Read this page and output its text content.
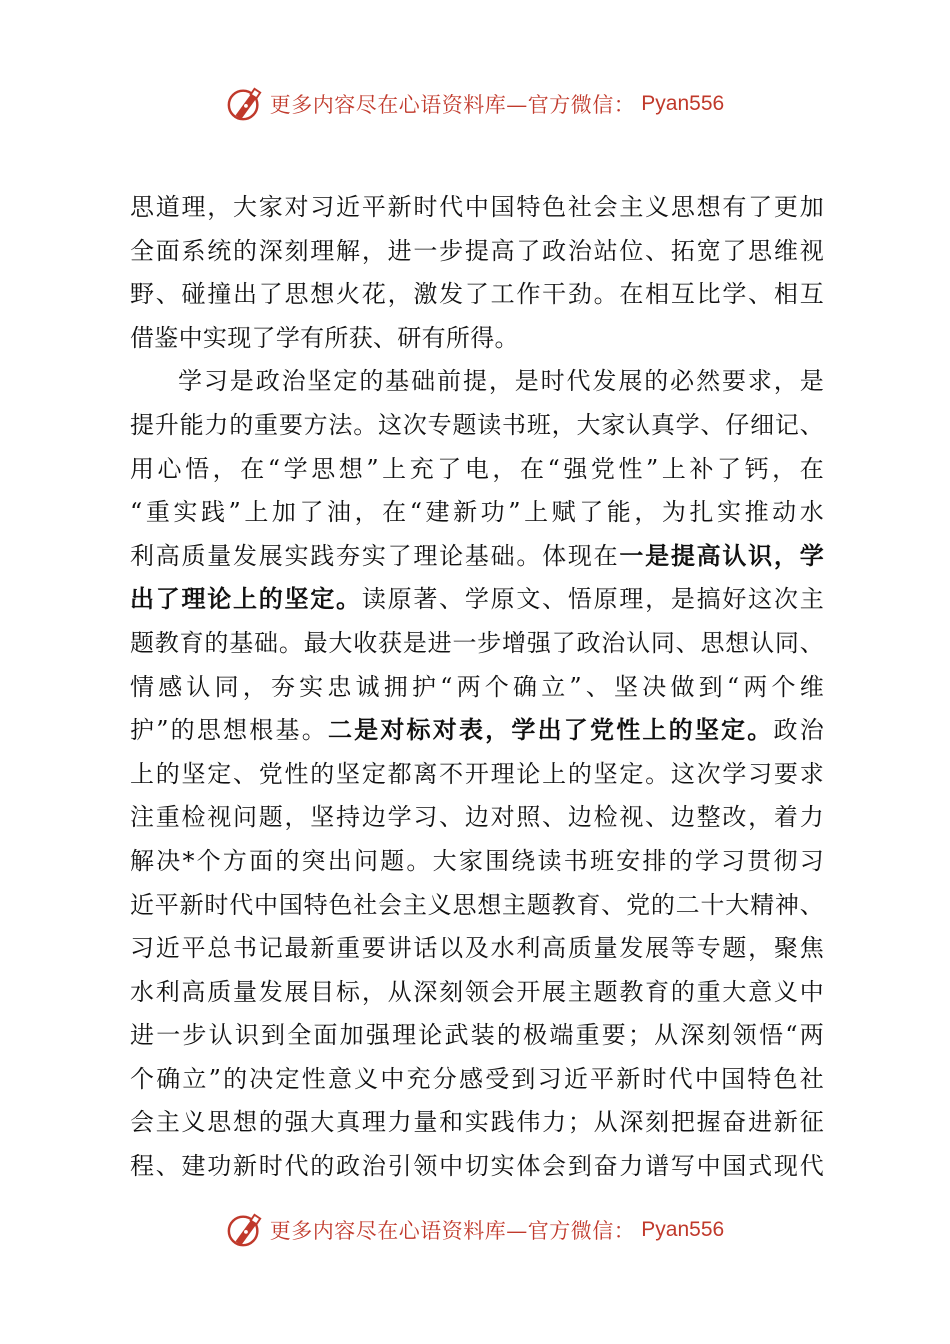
更多内容尽在心语资料库—官方微信： Pyan556
思道理，大家对习近平新时代中国特色社会主义思想有了更加
全面系统的深刻理解，进一步提高了政治站位、拓宽了思维视
野、碰撞出了思想火花，激发了工作干劲。在相互比学、相互
借鉴中实现了学有所获、研有所得。
学习是政治坚定的基础前提，是时代发展的必然要求，是
提升能力的重要方法。这次专题读书班，大家认真学、仔细记、
用心悟，在“学思想”上充了电，在“强党性”上补了钙，在
“重实践”上加了油，在“建新功”上赋了能，为扎实推动水
利高质量发展实践夯实了理论基础。体现在一是提高认识，学
出了理论上的坚定。读原著、学原文、悟原理，是搞好这次主
题教育的基础。最大收获是进一步增强了政治认同、思想认同、
情感认同，夯实忠诚拥护“两个确立”、坚决做到“两个维
护”的思想根基。二是对标对表，学出了党性上的坚定。政治
上的坚定、党性的坚定都离不开理论上的坚定。这次学习要求
注重检视问题，坚持边学习、边对照、边检视、边整改，着力
解决*个方面的突出问题。大家围绕读书班安排的学习贯彻习
近平新时代中国特色社会主义思想主题教育、党的二十大精神、
习近平总书记最新重要讲话以及水利高质量发展等专题，聚焦
水利高质量发展目标，从深刻领会开展主题教育的重大意义中
进一步认识到全面加强理论武装的极端重要；从深刻领悟“两
个确立”的决定性意义中充分感受到习近平新时代中国特色社
会主义思想的强大真理力量和实践伟力；从深刻把握奋进新征
程、建功新时代的政治引领中切实体会到奋力谱写中国式现代
更多内容尽在心语资料库—官方微信： Pyan556
